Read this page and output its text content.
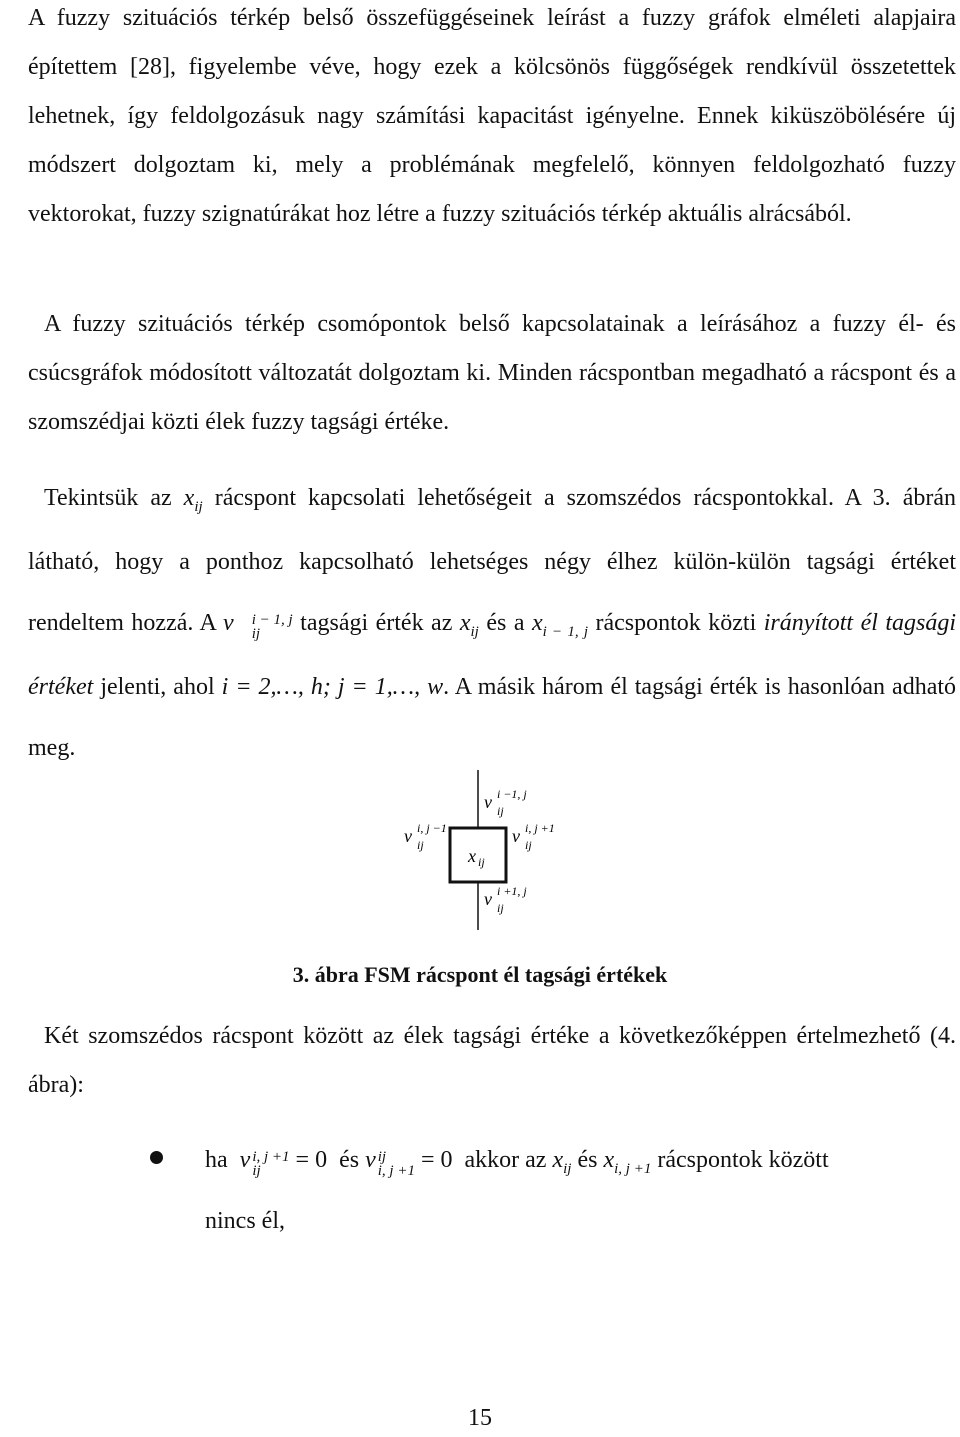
A fuzzy szituációs térkép belső összefüggéseinek leírást a fuzzy gráfok elméleti alapjaira építettem [28], figyelembe véve, hogy ezek a kölcsönös függőségek rendkívül összetettek lehetnek, így feldolgozásuk nagy számítási kapacitást igényelne. Ennek kiküszöbölésére új módszert dolgoztam ki, mely a problémának megfelelő, könnyen feldolgozható fuzzy vektorokat, fuzzy szignatúrákat hoz létre a fuzzy szituációs térkép aktuális alrácsából.

A fuzzy szituációs térkép csomópontok belső kapcsolatainak a leírásához a fuzzy él- és csúcsgráfok módosított változatát dolgoztam ki. Minden rácspontban megadható a rácspont és a szomszédjai közti élek fuzzy tagsági értéke.

Tekintsük az $x_{ij}$ rácspont kapcsolati lehetőségeit a szomszédos rácspontokkal. A 3. ábrán látható, hogy a ponthoz kapcsolható lehetséges négy élhez külön-külön tagsági értéket rendeltem hozzá. A v	i − 1, j
ij	tagsági érték az $x_{ij}$ és a $x_{i - 1, j}$ rácspontok közti irányított él tagsági értéket jelenti, ahol i = 2,…, h; j = 1,…, w. A másik három él tagsági érték is hasonlóan adható meg.

x ij
v i −1, j
ij
v i, j −1
ij	v i, j +1
ij
v i +1, j
ij

3. ábra FSM rácspont él tagsági értékek

Két szomszédos rácspont között az élek tagsági értéke a következőképpen értelmezhető (4. ábra):

ha v i, j +1
ij	= 0 és v ij
i, j +1 = 0 akkor az $x_{ij}$ és $x_{i, j +1}$ rácspontok között
nincs él,

15
